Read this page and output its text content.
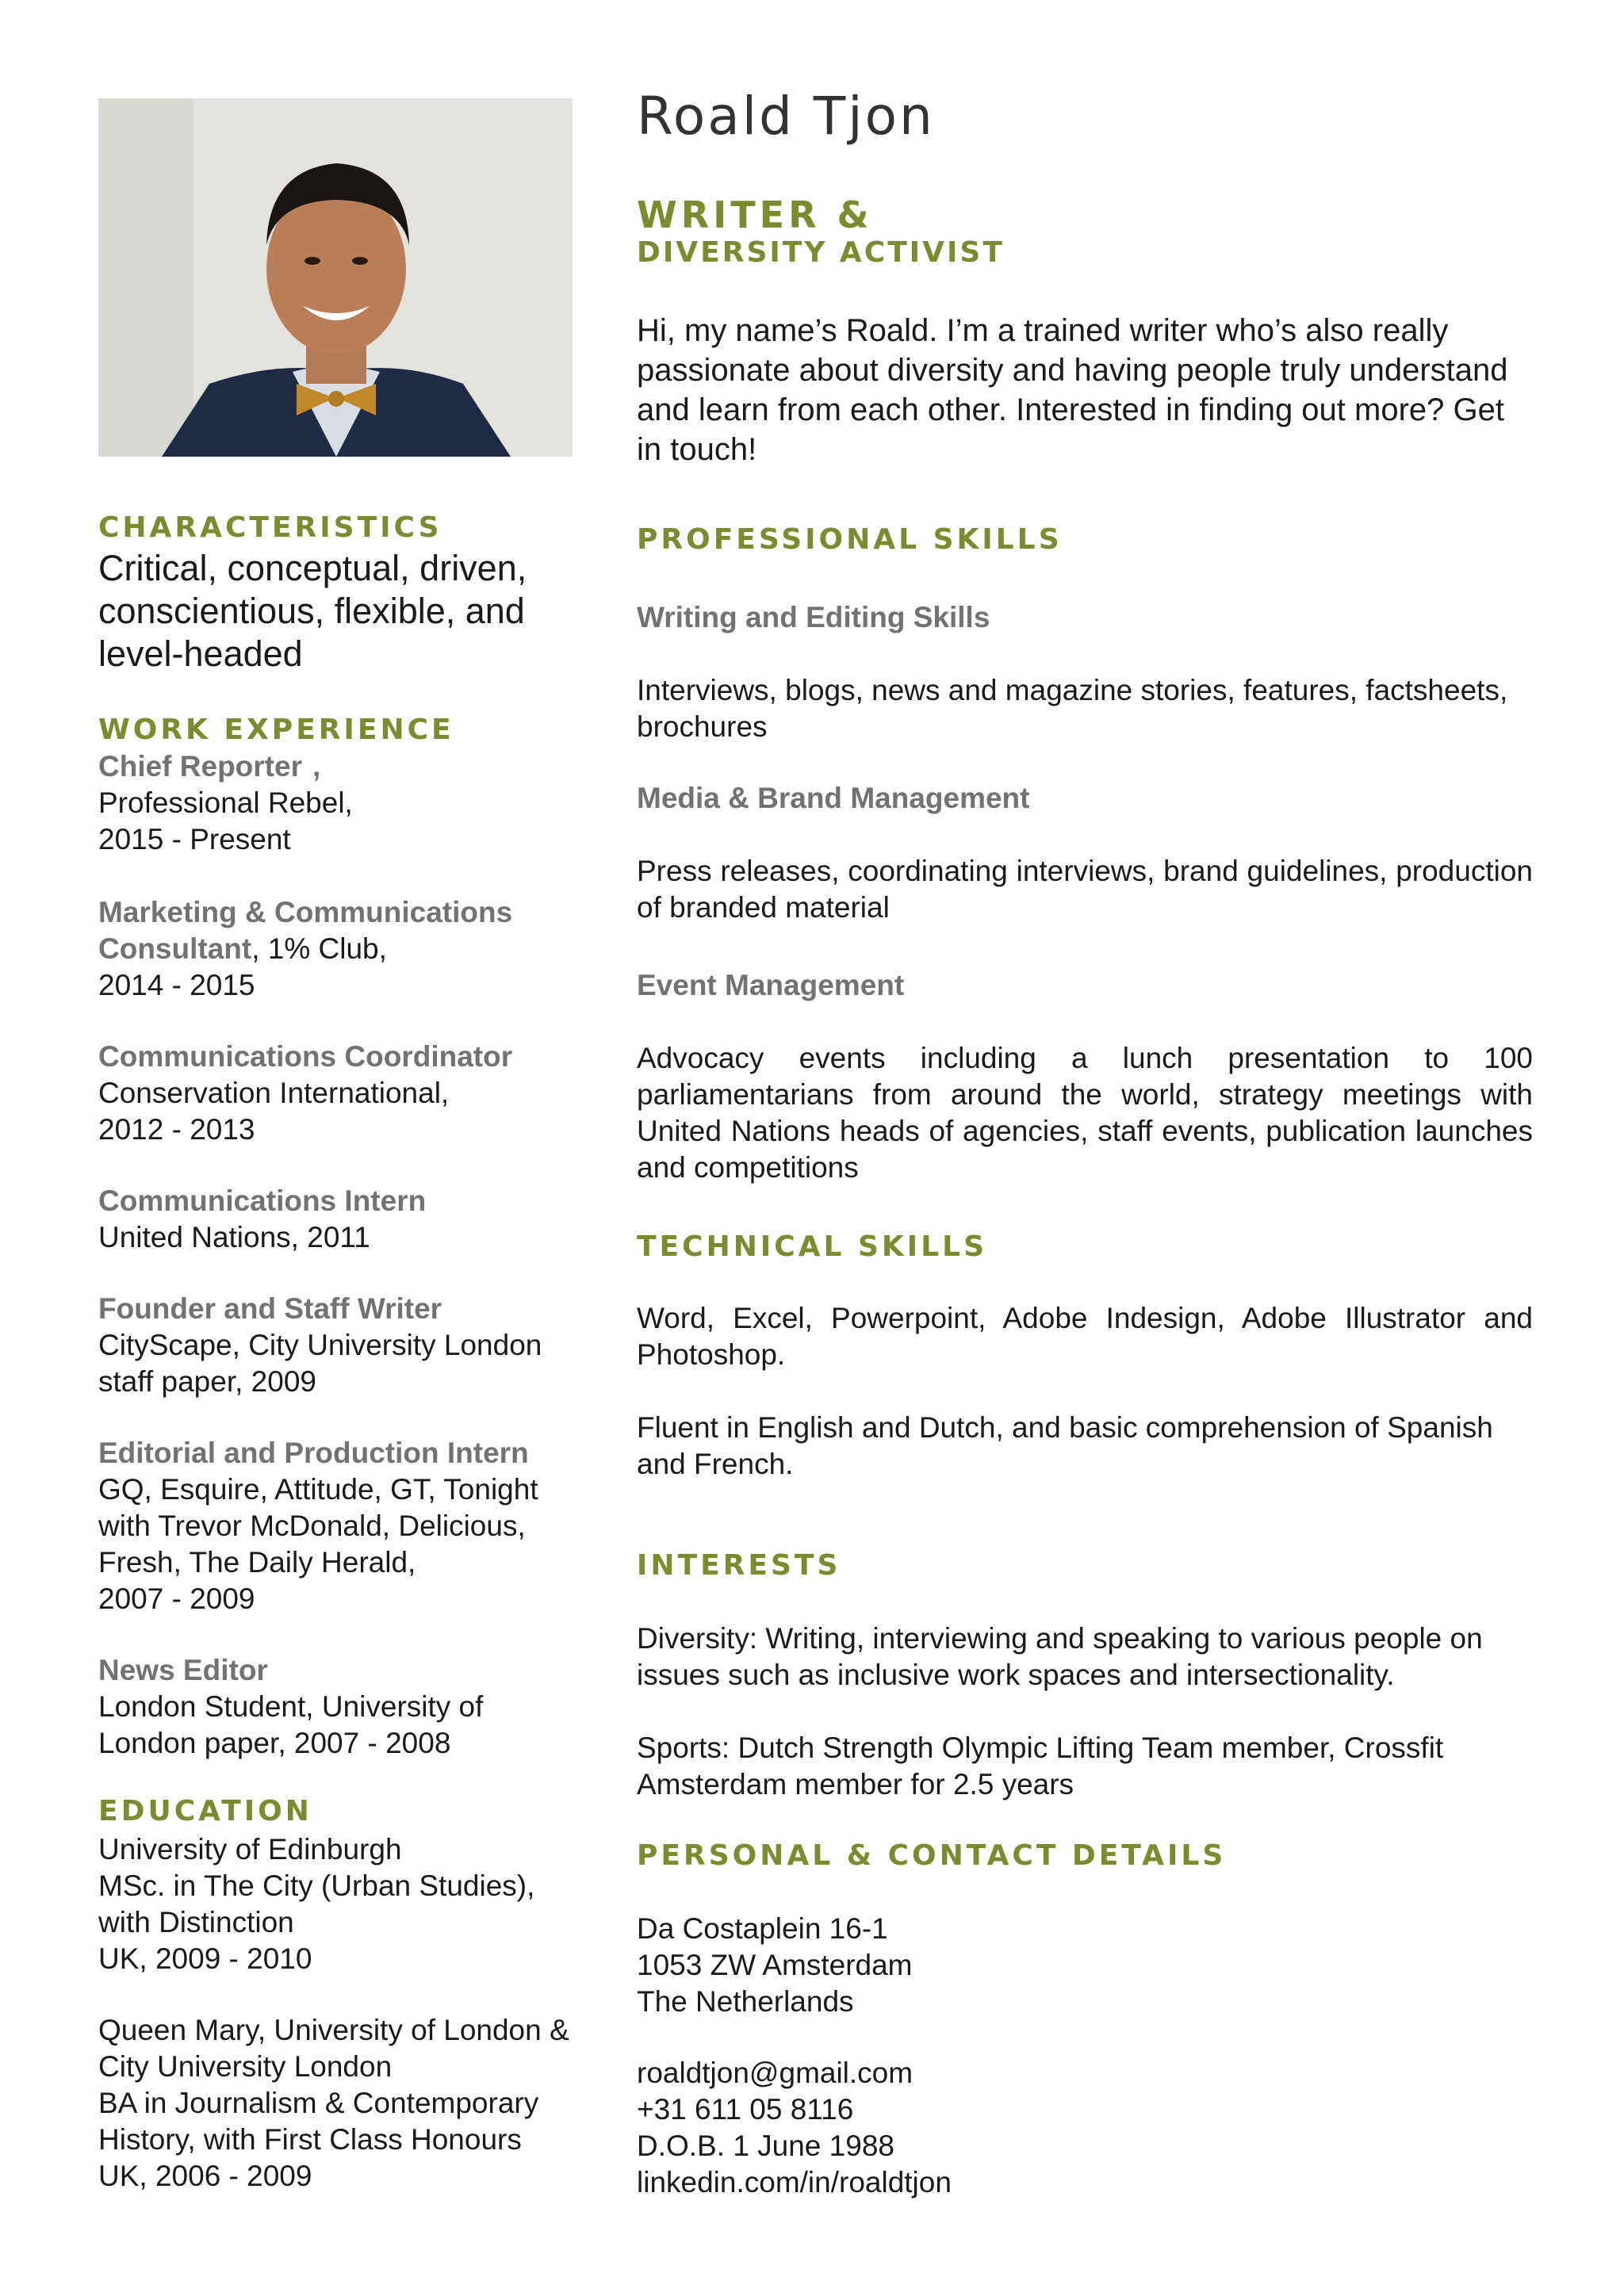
Roald Tjon
WRITER &
DIVERSITY ACTIVIST

Hi, my name’s Roald. I’m a trained writer who’s also really passionate about diversity and having people truly understand and learn from each other. Interested in finding out more? Get in touch!

CHARACTERISTICS

Critical, conceptual, driven, conscientious, flexible, and level-headed

WORK EXPERIENCE

Chief Reporter ,

Professional Rebel,
2015 - Present

Marketing & Communications
Consultant, 1% Club,
2014 - 2015

Communications Coordinator
Conservation International,
2012 - 2013

Communications Intern
United Nations, 2011

Founder and Staff Writer
CityScape, City University London staff paper, 2009

Editorial and Production Intern
GQ, Esquire, Attitude, GT, Tonight with Trevor McDonald, Delicious, Fresh, The Daily Herald,
2007 - 2009

News Editor
London Student, University of London paper, 2007 - 2008

EDUCATION

University of Edinburgh
MSc. in The City (Urban Studies), with Distinction
UK, 2009 - 2010

Queen Mary, University of London & City University London
BA in Journalism & Contemporary History, with First Class Honours
UK, 2006 - 2009

PROFESSIONAL SKILLS

Writing and Editing Skills

Interviews, blogs, news and magazine stories, features, factsheets, brochures

Media & Brand Management

Press releases, coordinating interviews, brand guidelines, production of branded material

Event Management

Advocacy events including a lunch presentation to 100 parliamentarians from around the world, strategy meetings with United Nations heads of agencies, staff events, publication launches and competitions

TECHNICAL SKILLS

Word, Excel, Powerpoint, Adobe Indesign, Adobe Illustrator and Photoshop.

Fluent in English and Dutch, and basic comprehension of Spanish and French.

INTERESTS

Diversity: Writing, interviewing and speaking to various people on issues such as inclusive work spaces and intersectionality.

Sports: Dutch Strength Olympic Lifting Team member, Crossfit Amsterdam member for 2.5 years

PERSONAL & CONTACT DETAILS
Da Costaplein 16-1
1053 ZW Amsterdam
The Netherlands
roaldtjon@gmail.com
+31 611 05 8116
D.O.B. 1 June 1988
linkedin.com/in/roaldtjon
